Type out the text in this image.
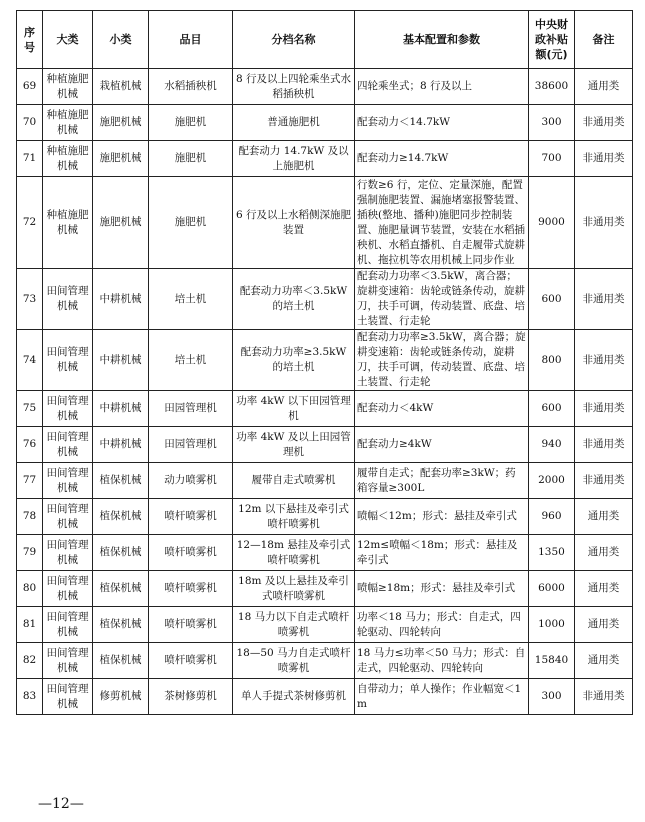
序号	大类	小类	品目	分档名称	基本配置和参数	中央财政补贴额(元)	备注
69	种植施肥机械	栽植机械	水稻插秧机	8 行及以上四轮乘坐式水稻插秧机	四轮乘坐式；8 行及以上	38600	通用类
70	种植施肥机械	施肥机械	施肥机	普通施肥机	配套动力＜14.7kW	300	非通用类
71	种植施肥机械	施肥机械	施肥机	配套动力 14.7kW 及以上施肥机	配套动力≥14.7kW	700	非通用类
72	种植施肥机械	施肥机械	施肥机	6 行及以上水稻侧深施肥装置	行数≥6 行，定位、定量深施，配置强制施肥装置、漏施堵塞报警装置、插秧(整地、播种)施肥同步控制装置、施肥量调节装置，安装在水稻插秧机、水稻直播机、自走履带式旋耕机、拖拉机等农用机械上同步作业	9000	非通用类
73	田间管理机械	中耕机械	培土机	配套动力功率＜3.5kW 的培土机	配套动力功率＜3.5kW，离合器；旋耕变速箱：齿轮或链条传动，旋耕刀，扶手可调，传动装置、底盘、培土装置、行走轮	600	非通用类
74	田间管理机械	中耕机械	培土机	配套动力功率≥3.5kW 的培土机	配套动力功率≥3.5kW，离合器；旋耕变速箱：齿轮或链条传动，旋耕刀，扶手可调，传动装置、底盘、培土装置、行走轮	800	非通用类
75	田间管理机械	中耕机械	田园管理机	功率 4kW 以下田园管理机	配套动力＜4kW	600	非通用类
76	田间管理机械	中耕机械	田园管理机	功率 4kW 及以上田园管理机	配套动力≥4kW	940	非通用类
77	田间管理机械	植保机械	动力喷雾机	履带自走式喷雾机	履带自走式；配套功率≥3kW；药箱容量≥300L	2000	非通用类
78	田间管理机械	植保机械	喷杆喷雾机	12m 以下悬挂及牵引式喷杆喷雾机	喷幅＜12m；形式：悬挂及牵引式	960	通用类
79	田间管理机械	植保机械	喷杆喷雾机	12—18m 悬挂及牵引式喷杆喷雾机	12m≤喷幅＜18m；形式：悬挂及牵引式	1350	通用类
80	田间管理机械	植保机械	喷杆喷雾机	18m 及以上悬挂及牵引式喷杆喷雾机	喷幅≥18m；形式：悬挂及牵引式	6000	通用类
81	田间管理机械	植保机械	喷杆喷雾机	18 马力以下自走式喷杆喷雾机	功率＜18 马力；形式：自走式，四轮驱动、四轮转向	1000	通用类
82	田间管理机械	植保机械	喷杆喷雾机	18—50 马力自走式喷杆喷雾机	18 马力≤功率＜50 马力；形式：自走式，四轮驱动、四轮转向	15840	通用类
83	田间管理机械	修剪机械	茶树修剪机	单人手提式茶树修剪机	自带动力；单人操作；作业幅宽＜1m	300	非通用类
—12—
